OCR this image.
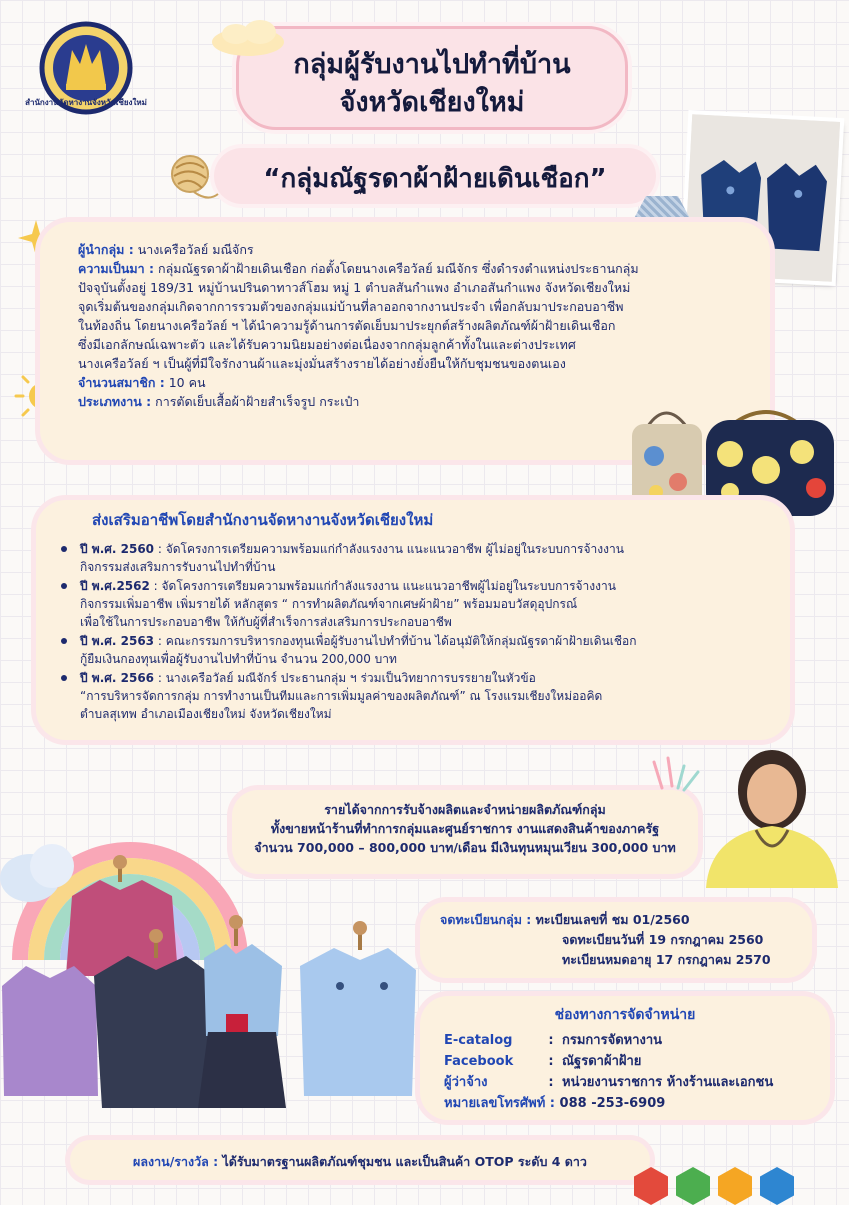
สำนักงานจัดหางานจังหวัดเชียงใหม่
กลุ่มผู้รับงานไปทำที่บ้าน
จังหวัดเชียงใหม่
“กลุ่มณัฐรดาผ้าฝ้ายเดินเชือก”
ผู้นำกลุ่ม : นางเครือวัลย์ มณีจักร
ความเป็นมา : กลุ่มณัฐรดาผ้าฝ้ายเดินเชือก ก่อตั้งโดยนางเครือวัลย์ มณีจักร ซึ่งดำรงตำแหน่งประธานกลุ่ม
ปัจจุบันตั้งอยู่ 189/31 หมู่บ้านปรินดาทาวส์โฮม หมู่ 1 ตำบลสันกำแพง อำเภอสันกำแพง จังหวัดเชียงใหม่
จุดเริ่มต้นของกลุ่มเกิดจากการรวมตัวของกลุ่มแม่บ้านที่ลาออกจากงานประจำ เพื่อกลับมาประกอบอาชีพ
ในท้องถิ่น โดยนางเครือวัลย์ ฯ ได้นำความรู้ด้านการตัดเย็บมาประยุกต์สร้างผลิตภัณฑ์ผ้าฝ้ายเดินเชือก
ซึ่งมีเอกลักษณ์เฉพาะตัว และได้รับความนิยมอย่างต่อเนื่องจากกลุ่มลูกค้าทั้งในและต่างประเทศ
นางเครือวัลย์ ฯ เป็นผู้ที่มีใจรักงานผ้าและมุ่งมั่นสร้างรายได้อย่างยั่งยืนให้กับชุมชนของตนเอง
จำนวนสมาชิก : 10 คน
ประเภทงาน : การตัดเย็บเสื้อผ้าฝ้ายสำเร็จรูป กระเป๋า
ส่งเสริมอาชีพโดยสำนักงานจัดหางานจังหวัดเชียงใหม่
ปี พ.ศ. 2560 : จัดโครงการเตรียมความพร้อมแก่กำลังแรงงาน แนะแนวอาชีพ ผู้ไม่อยู่ในระบบการจ้างงาน
กิจกรรมส่งเสริมการรับงานไปทำที่บ้าน
ปี พ.ศ.2562 : จัดโครงการเตรียมความพร้อมแก่กำลังแรงงาน แนะแนวอาชีพผู้ไม่อยู่ในระบบการจ้างงาน
กิจกรรมเพิ่มอาชีพ เพิ่มรายได้ หลักสูตร “ การทำผลิตภัณฑ์จากเศษผ้าฝ้าย” พร้อมมอบวัสดุอุปกรณ์
เพื่อใช้ในการประกอบอาชีพ ให้กับผู้ที่สำเร็จการส่งเสริมการประกอบอาชีพ
ปี พ.ศ. 2563 : คณะกรรมการบริหารกองทุนเพื่อผู้รับงานไปทำที่บ้าน ได้อนุมัติให้กลุ่มณัฐรดาผ้าฝ้ายเดินเชือก
กู้ยืมเงินกองทุนเพื่อผู้รับงานไปทำที่บ้าน จำนวน 200,000 บาท
ปี พ.ศ. 2566 : นางเครือวัลย์ มณีจักร์ ประธานกลุ่ม ฯ ร่วมเป็นวิทยาการบรรยายในหัวข้อ
“การบริหารจัดการกลุ่ม การทำงานเป็นทีมและการเพิ่มมูลค่าของผลิตภัณฑ์” ณ โรงแรมเชียงใหม่ออคิด
ตำบลสุเทพ อำเภอเมืองเชียงใหม่ จังหวัดเชียงใหม่
รายได้จากการรับจ้างผลิตและจำหน่ายผลิตภัณฑ์กลุ่ม
ทั้งขายหน้าร้านที่ทำการกลุ่มและศูนย์ราชการ งานแสดงสินค้าของภาครัฐ
จำนวน 700,000 – 800,000 บาท/เดือน มีเงินทุนหมุนเวียน 300,000 บาท
จดทะเบียนกลุ่ม : ทะเบียนเลขที่ ชม 01/2560
จดทะเบียนวันที่ 19 กรกฎาคม 2560
ทะเบียนหมดอายุ 17 กรกฎาคม 2570
ช่องทางการจัดจำหน่าย
E-catalog	: กรมการจัดหางาน
Facebook	: ณัฐรดาผ้าฝ้าย
ผู้ว่าจ้าง	: หน่วยงานราชการ ห้างร้านและเอกชน
หมายเลขโทรศัพท์ :
088 -253-6909
ผลงาน/รางวัล : ได้รับมาตรฐานผลิตภัณฑ์ชุมชน และเป็นสินค้า OTOP ระดับ 4 ดาว
